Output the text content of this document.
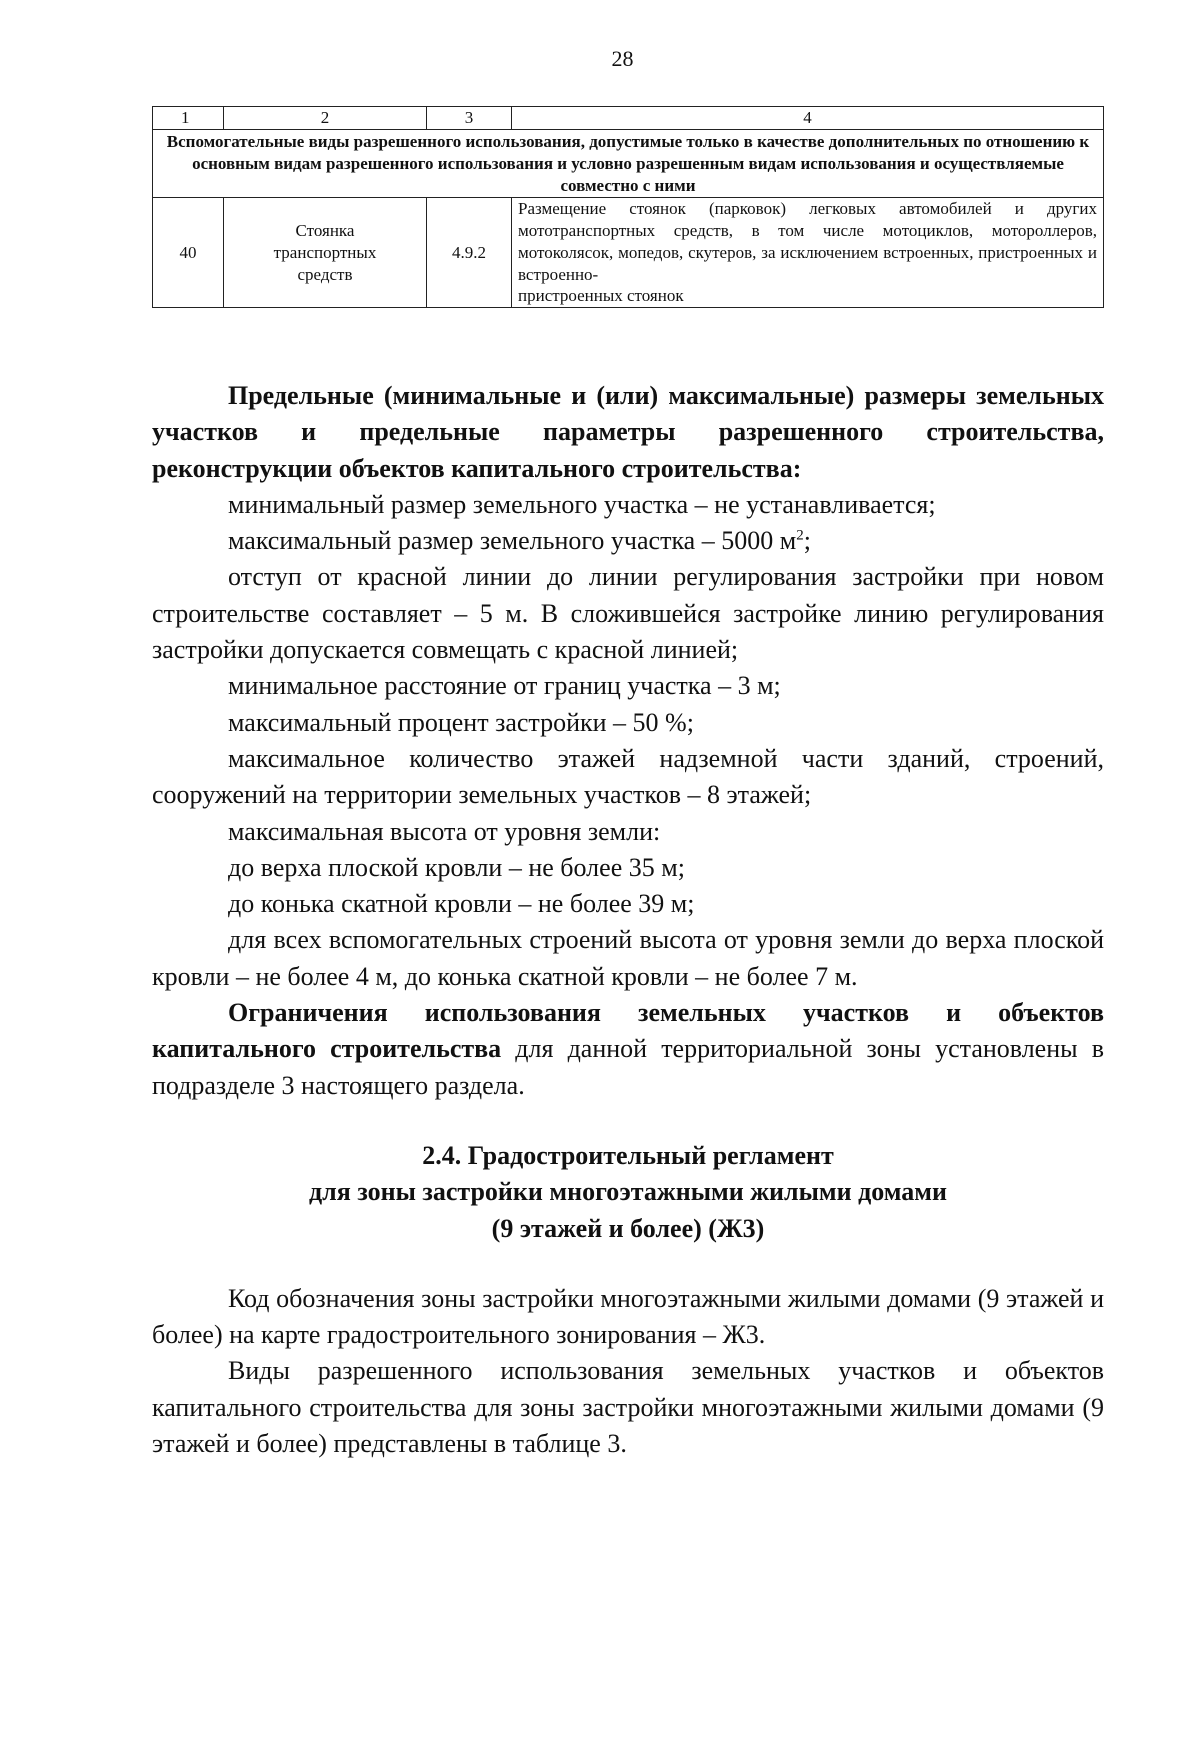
28
1	2	3	4
Вспомогательные виды разрешенного использования, допустимые только в качестве дополнительных по отношению к основным видам разрешенного использования и условно разрешенным видам использования и осуществляемые совместно с ними			
40	Стоянка транспортных средств	4.9.2	Размещение стоянок (парковок) легковых автомобилей и других мототранспортных средств, в том числе мотоциклов, мотороллеров, мотоколясок, мопедов, скутеров, за исключением встроенных, пристроенных и встроенно-
пристроенных стоянок

Предельные (минимальные и (или) максимальные) размеры земельных участков и предельные параметры разрешенного строительства, реконструкции объектов капитального строительства:

минимальный размер земельного участка – не устанавливается;

максимальный размер земельного участка – 5000 $м^2$;

отступ от красной линии до линии регулирования застройки при новом строительстве составляет – 5 м. В сложившейся застройке линию регулирования застройки допускается совмещать с красной линией;

минимальное расстояние от границ участка – 3 м;

максимальный процент застройки – 50 %;

максимальное количество этажей надземной части зданий, строений, сооружений на территории земельных участков – 8 этажей;

максимальная высота от уровня земли:

до верха плоской кровли – не более 35 м;

до конька скатной кровли – не более 39 м;

для всех вспомогательных строений высота от уровня земли до верха плоской кровли – не более 4 м, до конька скатной кровли – не более 7 м.

Ограничения использования земельных участков и объектов капитального строительства для данной территориальной зоны установлены в подразделе 3 настоящего раздела.

2.4. Градостроительный регламент
для зоны застройки многоэтажными жилыми домами
(9 этажей и более) (Ж3)

Код обозначения зоны застройки многоэтажными жилыми домами (9 этажей и более) на карте градостроительного зонирования – Ж3.

Виды разрешенного использования земельных участков и объектов капитального строительства для зоны застройки многоэтажными жилыми домами (9 этажей и более) представлены в таблице 3.
